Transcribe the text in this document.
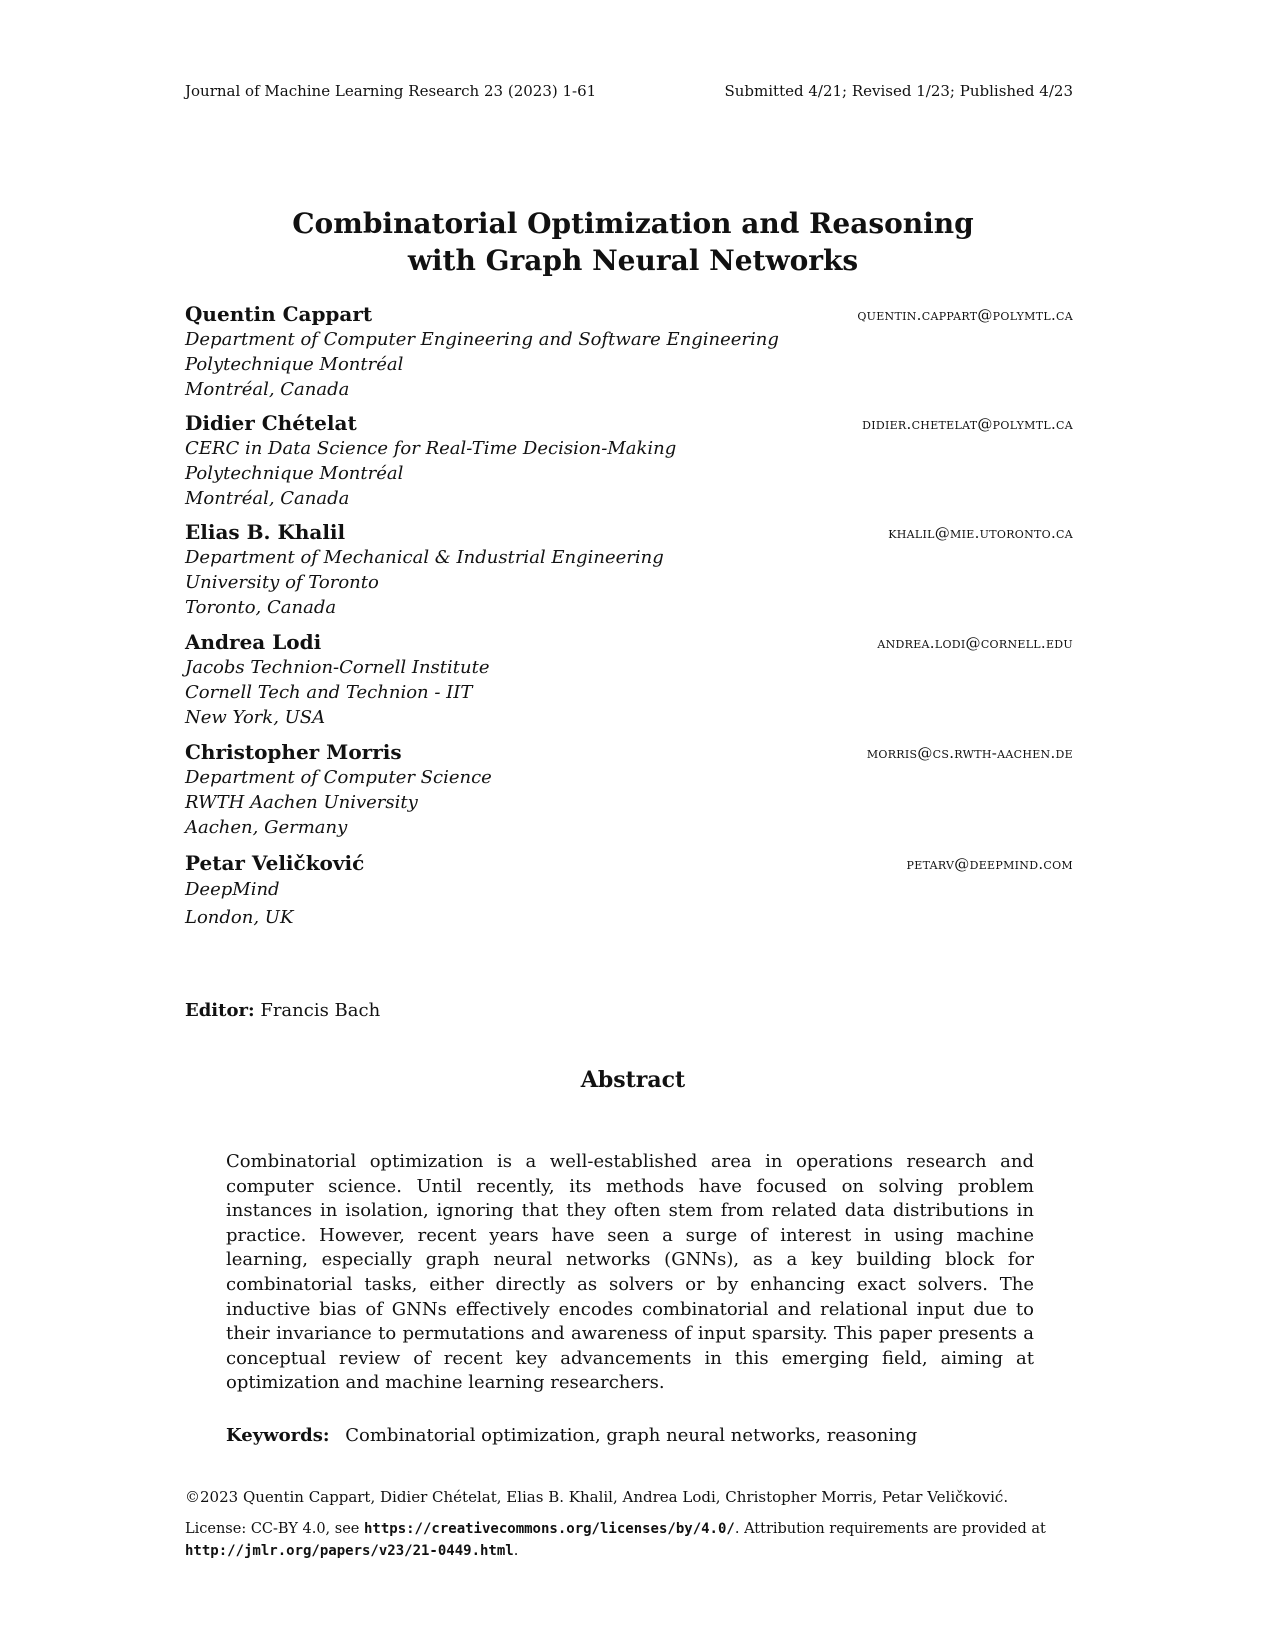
Journal of Machine Learning Research 23 (2023) 1-61	Submitted 4/21; Revised 1/23; Published 4/23
Combinatorial Optimization and Reasoning
with Graph Neural Networks
Quentin Cappart	quentin.cappart@polymtl.ca
Department of Computer Engineering and Software Engineering
Polytechnique Montréal
Montréal, Canada
Didier Chételat	didier.chetelat@polymtl.ca
CERC in Data Science for Real-Time Decision-Making
Polytechnique Montréal
Montréal, Canada
Elias B. Khalil	khalil@mie.utoronto.ca
Department of Mechanical & Industrial Engineering
University of Toronto
Toronto, Canada
Andrea Lodi	andrea.lodi@cornell.edu
Jacobs Technion-Cornell Institute
Cornell Tech and Technion - IIT
New York, USA
Christopher Morris	morris@cs.rwth-aachen.de
Department of Computer Science
RWTH Aachen University
Aachen, Germany
Petar Veličković	petarv@deepmind.com
DeepMind
London, UK
Editor: Francis Bach
Abstract
Combinatorial optimization is a well-established area in operations research and computer science. Until recently, its methods have focused on solving problem instances in isolation, ignoring that they often stem from related data distributions in practice. However, recent years have seen a surge of interest in using machine learning, especially graph neural networks (GNNs), as a key building block for combinatorial tasks, either directly as solvers or by enhancing exact solvers. The inductive bias of GNNs effectively encodes combinatorial and relational input due to their invariance to permutations and awareness of input sparsity. This paper presents a conceptual review of recent key advancements in this emerging field, aiming at optimization and machine learning researchers.
Keywords: Combinatorial optimization, graph neural networks, reasoning
©2023 Quentin Cappart, Didier Chételat, Elias B. Khalil, Andrea Lodi, Christopher Morris, Petar Veličković.
License: CC-BY 4.0, see https://creativecommons.org/licenses/by/4.0/. Attribution requirements are provided at http://jmlr.org/papers/v23/21-0449.html.
